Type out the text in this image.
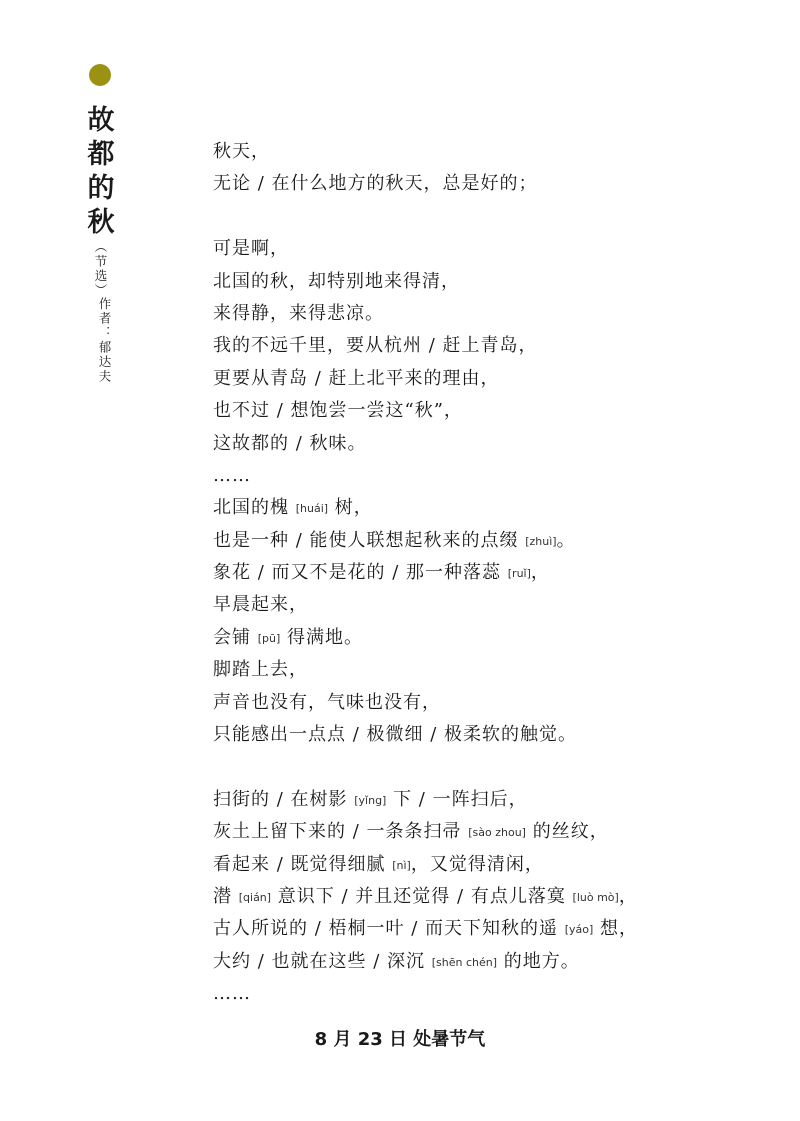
故
都
的
秋
（节选）
作者：郁达夫
秋天，
无论 / 在什么地方的秋天，总是好的；
可是啊，
北国的秋，却特别地来得清，
来得静，来得悲凉。
我的不远千里，要从杭州 / 赶上青岛，
更要从青岛 / 赶上北平来的理由，
也不过 / 想饱尝一尝这“秋”，
这故都的 / 秋味。
……
北国的槐 [huái] 树，
也是一种 / 能使人联想起秋来的点缀 [zhuì]。
象花 / 而又不是花的 / 那一种落蕊 [ruǐ]，
早晨起来，
会铺 [pū] 得满地。
脚踏上去，
声音也没有，气味也没有，
只能感出一点点 / 极微细 / 极柔软的触觉。
扫街的 / 在树影 [yǐng] 下 / 一阵扫后，
灰土上留下来的 / 一条条扫帚 [sào zhou] 的丝纹，
看起来 / 既觉得细腻 [nì]，又觉得清闲，
潜 [qián] 意识下 / 并且还觉得 / 有点儿落寞 [luò mò]，
古人所说的 / 梧桐一叶 / 而天下知秋的遥 [yáo] 想，
大约 / 也就在这些 / 深沉 [shēn chén] 的地方。
……
8 月 23 日 处暑节气
